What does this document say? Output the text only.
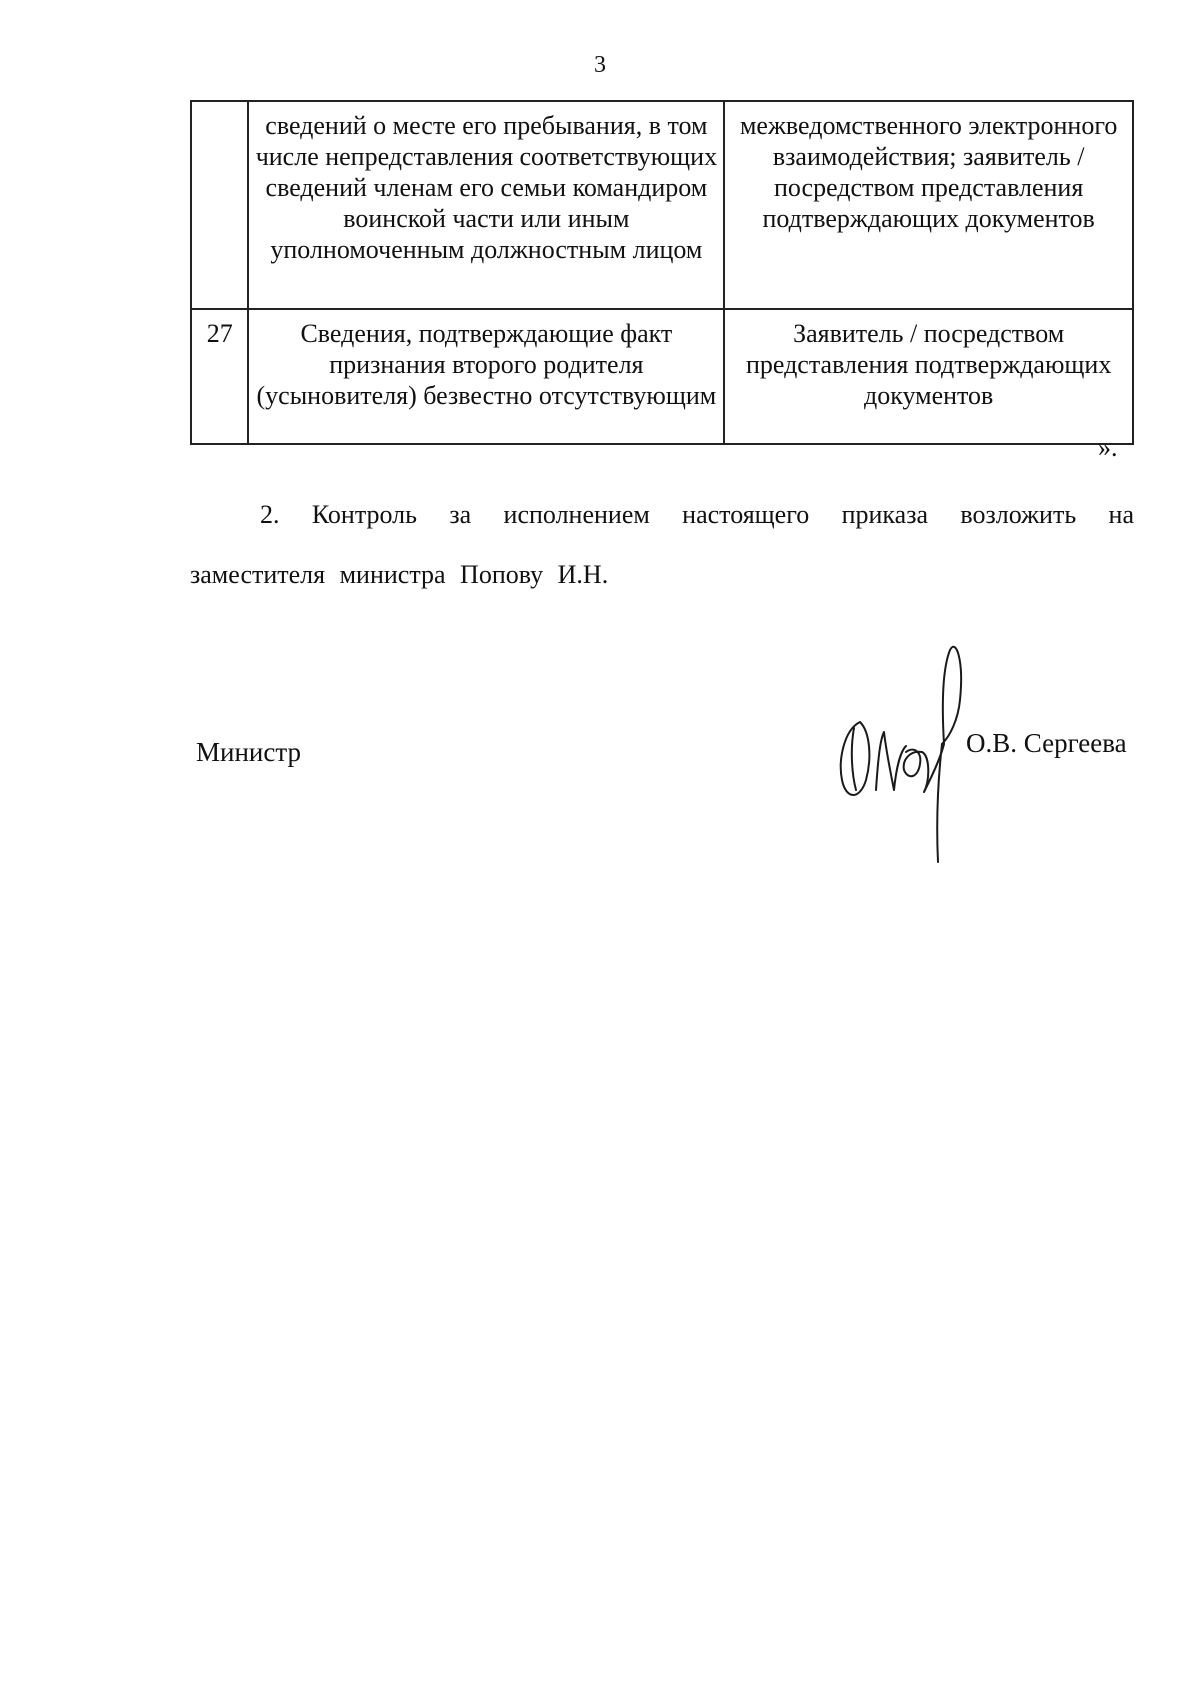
3
	сведений о месте его пребывания, в том числе непредставления соответствующих сведений членам его семьи командиром воинской части или иным уполномоченным должностным лицом	межведомственного электронного взаимодействия; заявитель / посредством представления подтверждающих документов
27	Сведения, подтверждающие факт признания второго родителя (усыновителя) безвестно отсутствующим	Заявитель / посредством представления подтверждающих документов
».
2. Контроль за исполнением настоящего приказа возложить на заместителя министра Попову И.Н.
Министр	О.В. Сергеева
